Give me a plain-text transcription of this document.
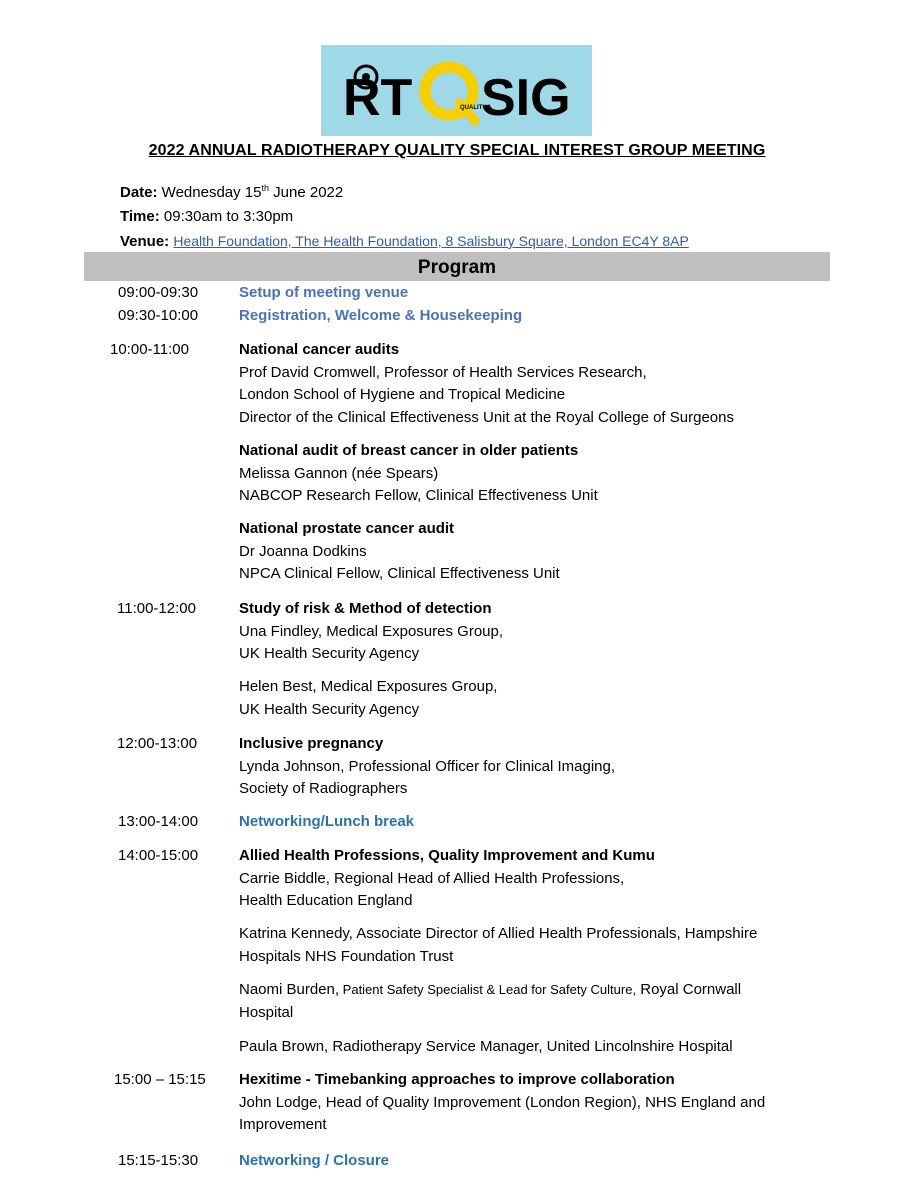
RT	QUALITY
SIG
2022 ANNUAL RADIOTHERAPY QUALITY SPECIAL INTEREST GROUP MEETING
Date: Wednesday 15th June 2022
Time: 09:30am to 3:30pm
Venue: Health Foundation, The Health Foundation, 8 Salisbury Square, London EC4Y 8AP
Program
09:00-09:30	Setup of meeting venue
09:30-10:00	Registration, Welcome & Housekeeping
10:00-11:00	National cancer audits
Prof David Cromwell, Professor of Health Services Research,
London School of Hygiene and Tropical Medicine
Director of the Clinical Effectiveness Unit at the Royal College of Surgeons
National audit of breast cancer in older patients
Melissa Gannon (née Spears)
NABCOP Research Fellow, Clinical Effectiveness Unit
National prostate cancer audit
Dr Joanna Dodkins
NPCA Clinical Fellow, Clinical Effectiveness Unit
11:00-12:00	Study of risk & Method of detection
Una Findley, Medical Exposures Group,
UK Health Security Agency
Helen Best, Medical Exposures Group,
UK Health Security Agency
12:00-13:00	Inclusive pregnancy
Lynda Johnson, Professional Officer for Clinical Imaging,
Society of Radiographers
13:00-14:00	Networking/Lunch break
14:00-15:00	Allied Health Professions, Quality Improvement and Kumu
Carrie Biddle, Regional Head of Allied Health Professions,
Health Education England
Katrina Kennedy, Associate Director of Allied Health Professionals, Hampshire
Hospitals NHS Foundation Trust
Naomi Burden, Patient Safety Specialist & Lead for Safety Culture, Royal Cornwall
Hospital
Paula Brown, Radiotherapy Service Manager, United Lincolnshire Hospital
15:00 – 15:15	Hexitime - Timebanking approaches to improve collaboration
John Lodge, Head of Quality Improvement (London Region), NHS England and
Improvement
15:15-15:30	Networking / Closure
